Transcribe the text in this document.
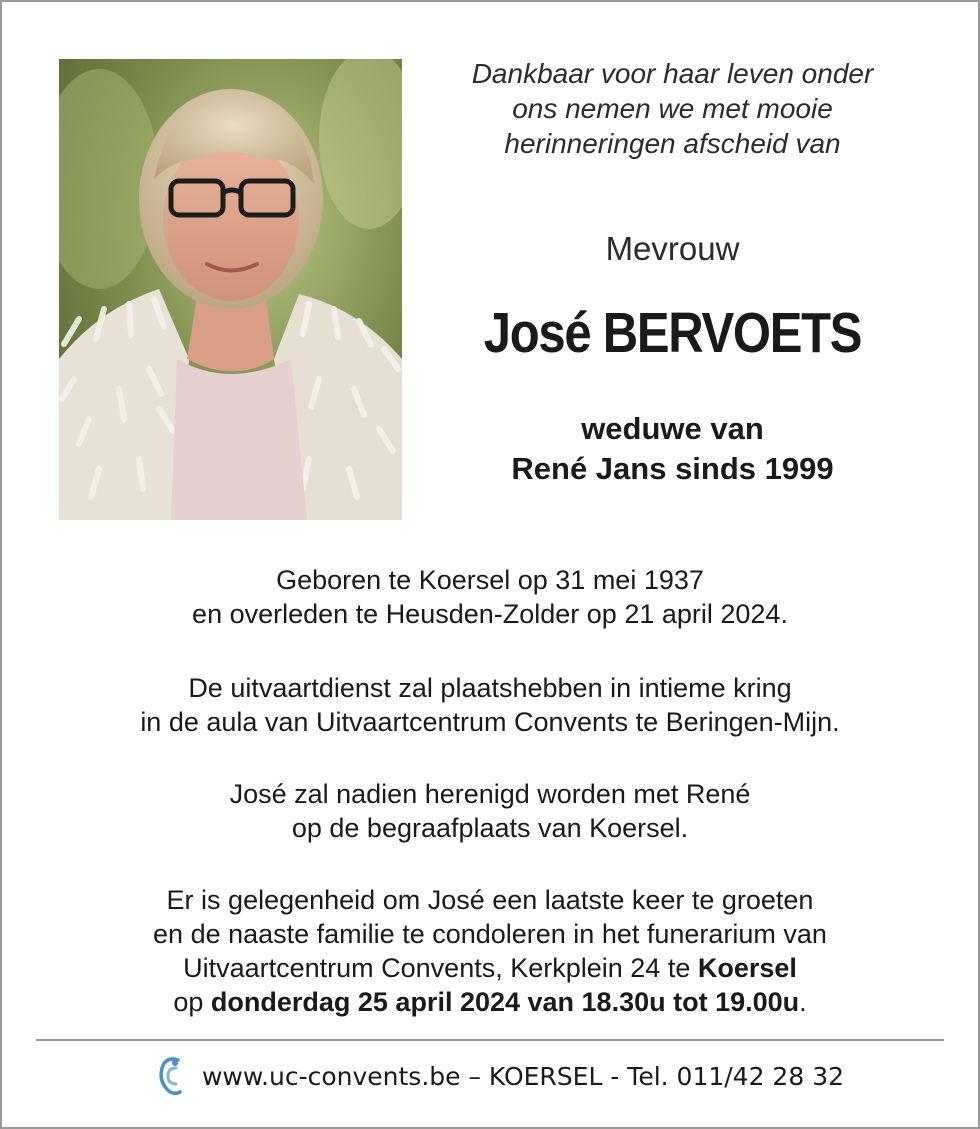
Dankbaar voor haar leven onder
ons nemen we met mooie
herinneringen afscheid van
Mevrouw
José BERVOETS
weduwe van
René Jans sinds 1999
Geboren te Koersel op 31 mei 1937
en overleden te Heusden-Zolder op 21 april 2024.
De uitvaartdienst zal plaatshebben in intieme kring
in de aula van Uitvaartcentrum Convents te Beringen-Mijn.
José zal nadien herenigd worden met René
op de begraafplaats van Koersel.
Er is gelegenheid om José een laatste keer te groeten
en de naaste familie te condoleren in het funerarium van
Uitvaartcentrum Convents, Kerkplein 24 te Koersel
op donderdag 25 april 2024 van 18.30u tot 19.00u.
www.uc-convents.be – KOERSEL - Tel. 011/42 28 32
